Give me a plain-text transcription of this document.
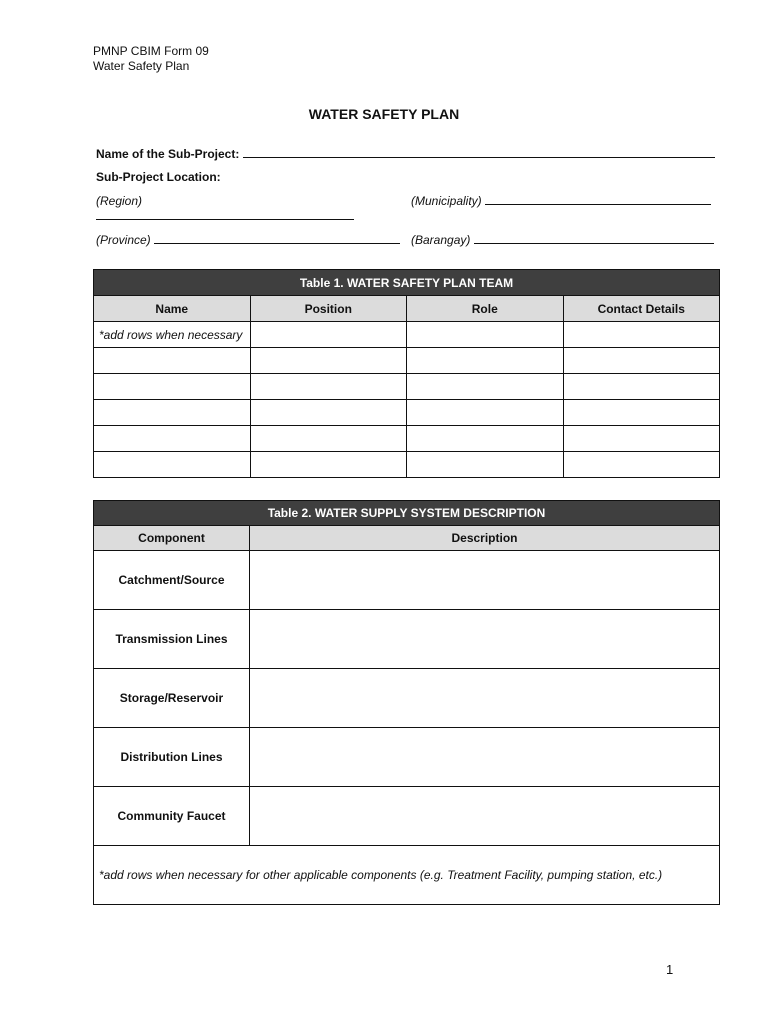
PMNP CBIM Form 09
Water Safety Plan
WATER SAFETY PLAN
Name of the Sub-Project:
Sub-Project Location:
(Region)	(Municipality)
(Province)	(Barangay)
Table 1. WATER SAFETY PLAN TEAM			
Name	Position	Role	Contact Details
*add rows when necessary			

Table 2. WATER SUPPLY SYSTEM DESCRIPTION	
Component	Description
Catchment/Source	
Transmission Lines	
Storage/Reservoir	
Distribution Lines	
Community Faucet	
*add rows when necessary for other applicable components (e.g. Treatment Facility, pumping station, etc.)	
1
